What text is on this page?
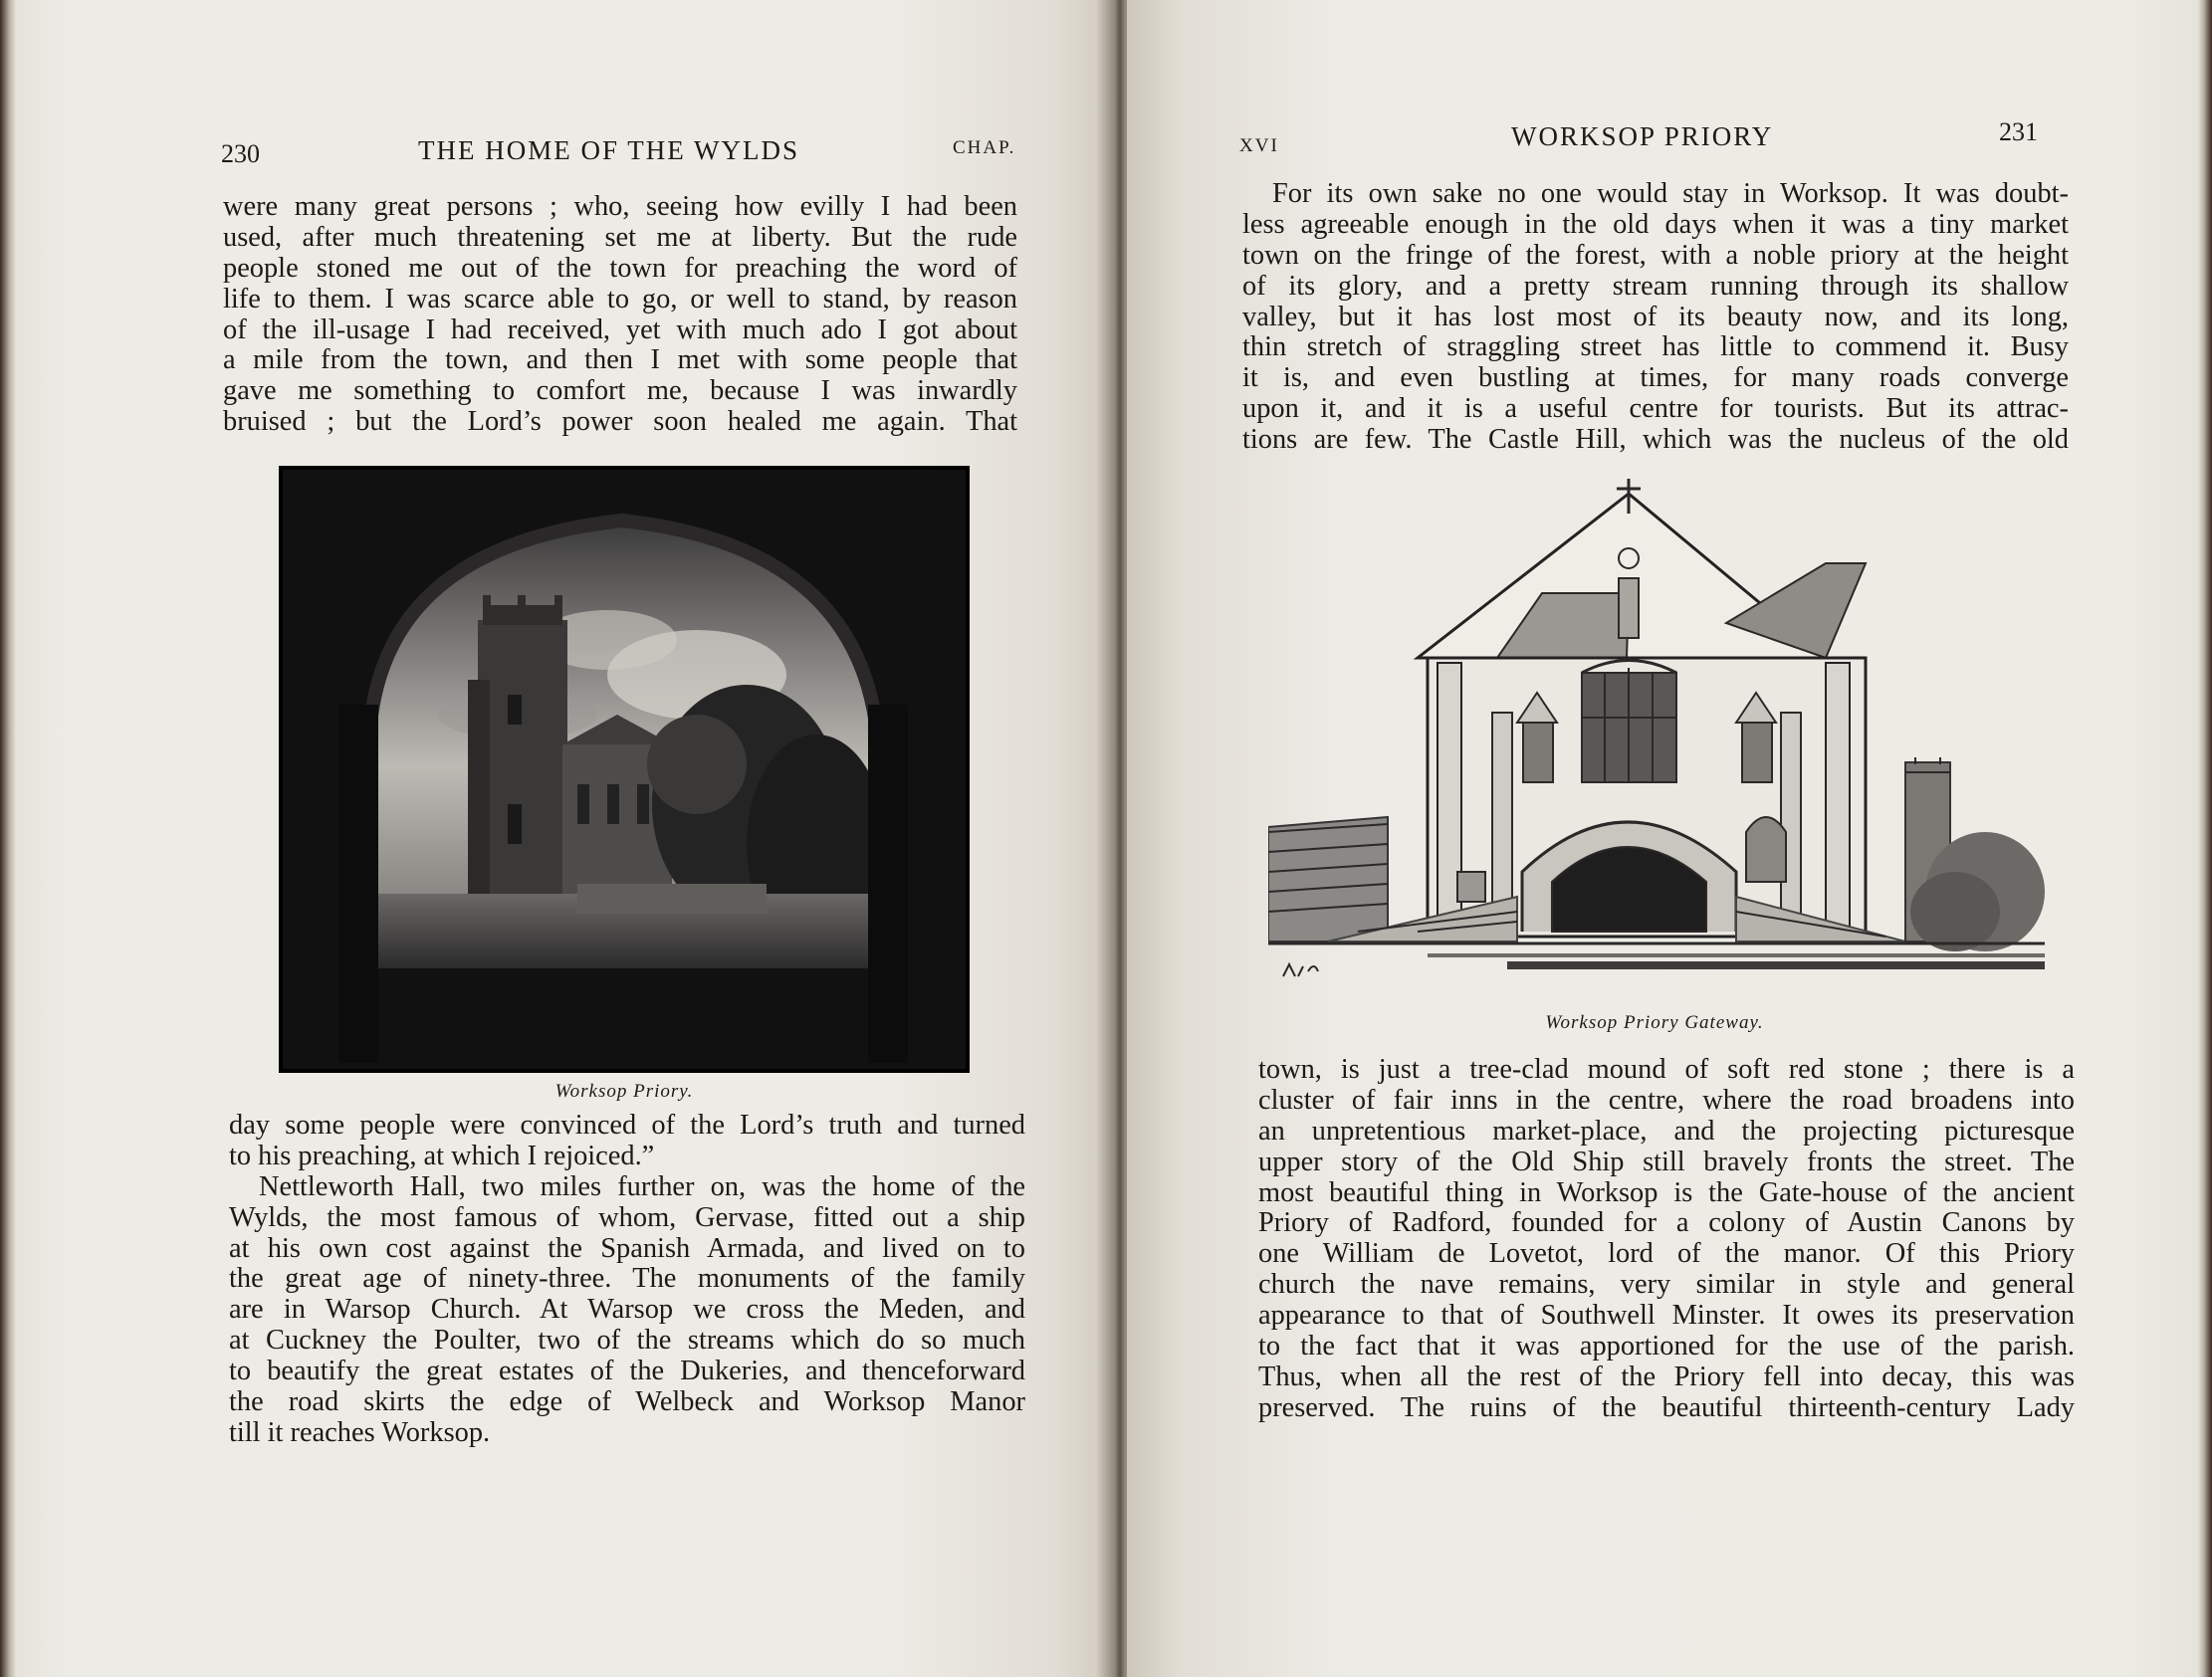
230	THE HOME OF THE WYLDS	CHAP.
were many great persons ; who, seeing how evilly I had been
used, after much threatening set me at liberty. But the rude
people stoned me out of the town for preaching the word of
life to them. I was scarce able to go, or well to stand, by reason
of the ill-usage I had received, yet with much ado I got about
a mile from the town, and then I met with some people that
gave me something to comfort me, because I was inwardly
bruised ; but the Lord’s power soon healed me again. That
Worksop Priory.
day some people were convinced of the Lord’s truth and turned
to his preaching, at which I rejoiced.”
Nettleworth Hall, two miles further on, was the home of the
Wylds, the most famous of whom, Gervase, fitted out a ship
at his own cost against the Spanish Armada, and lived on to
the great age of ninety-three. The monuments of the family
are in Warsop Church. At Warsop we cross the Meden, and
at Cuckney the Poulter, two of the streams which do so much
to beautify the great estates of the Dukeries, and thenceforward
the road skirts the edge of Welbeck and Worksop Manor
till it reaches Worksop.
XVI	WORKSOP PRIORY	231
For its own sake no one would stay in Worksop. It was doubt-
less agreeable enough in the old days when it was a tiny market
town on the fringe of the forest, with a noble priory at the height
of its glory, and a pretty stream running through its shallow
valley, but it has lost most of its beauty now, and its long,
thin stretch of straggling street has little to commend it. Busy
it is, and even bustling at times, for many roads converge
upon it, and it is a useful centre for tourists. But its attrac-
tions are few. The Castle Hill, which was the nucleus of the old
Worksop Priory Gateway.
town, is just a tree-clad mound of soft red stone ; there is a
cluster of fair inns in the centre, where the road broadens into
an unpretentious market-place, and the projecting picturesque
upper story of the Old Ship still bravely fronts the street. The
most beautiful thing in Worksop is the Gate-house of the ancient
Priory of Radford, founded for a colony of Austin Canons by
one William de Lovetot, lord of the manor. Of this Priory
church the nave remains, very similar in style and general
appearance to that of Southwell Minster. It owes its preservation
to the fact that it was apportioned for the use of the parish.
Thus, when all the rest of the Priory fell into decay, this was
preserved. The ruins of the beautiful thirteenth-century Lady
